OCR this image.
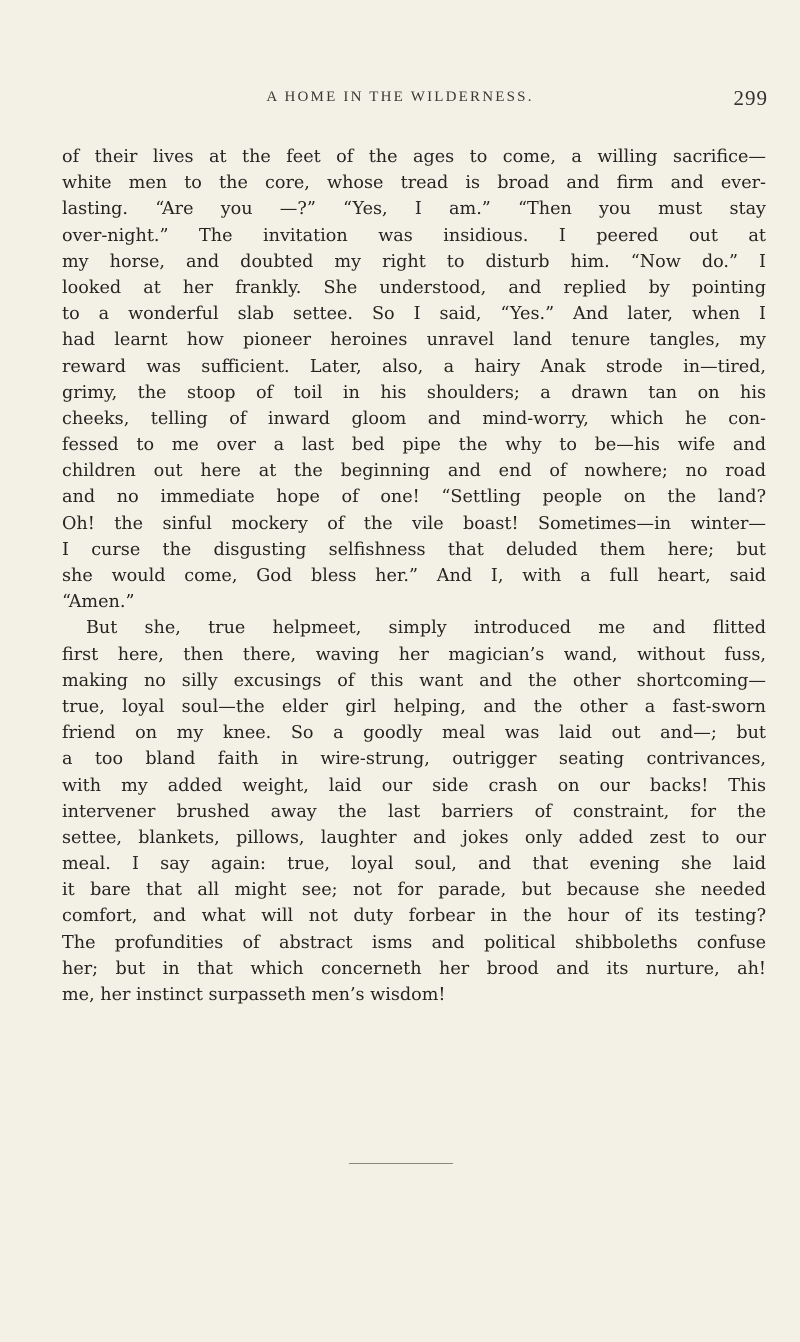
A HOME IN THE WILDERNESS.	299
of their lives at the feet of the ages to come, a willing sacrifice—
white men to the core, whose tread is broad and firm and ever-
lasting. “Are you —?” “Yes, I am.” “Then you must stay
over-night.” The invitation was insidious. I peered out at
my horse, and doubted my right to disturb him. “Now do.” I
looked at her frankly. She understood, and replied by pointing
to a wonderful slab settee. So I said, “Yes.” And later, when I
had learnt how pioneer heroines unravel land tenure tangles, my
reward was sufficient. Later, also, a hairy Anak strode in—tired,
grimy, the stoop of toil in his shoulders; a drawn tan on his
cheeks, telling of inward gloom and mind-worry, which he con-
fessed to me over a last bed pipe the why to be—his wife and
children out here at the beginning and end of nowhere; no road
and no immediate hope of one! “Settling people on the land?
Oh! the sinful mockery of the vile boast! Sometimes—in winter—
I curse the disgusting selfishness that deluded them here; but
she would come, God bless her.” And I, with a full heart, said
“Amen.”
But she, true helpmeet, simply introduced me and flitted
first here, then there, waving her magician’s wand, without fuss,
making no silly excusings of this want and the other shortcoming—
true, loyal soul—the elder girl helping, and the other a fast-sworn
friend on my knee. So a goodly meal was laid out and—; but
a too bland faith in wire-strung, outrigger seating contrivances,
with my added weight, laid our side crash on our backs! This
intervener brushed away the last barriers of constraint, for the
settee, blankets, pillows, laughter and jokes only added zest to our
meal. I say again: true, loyal soul, and that evening she laid
it bare that all might see; not for parade, but because she needed
comfort, and what will not duty forbear in the hour of its testing?
The profundities of abstract isms and political shibboleths confuse
her; but in that which concerneth her brood and its nurture, ah!
me, her instinct surpasseth men’s wisdom!
